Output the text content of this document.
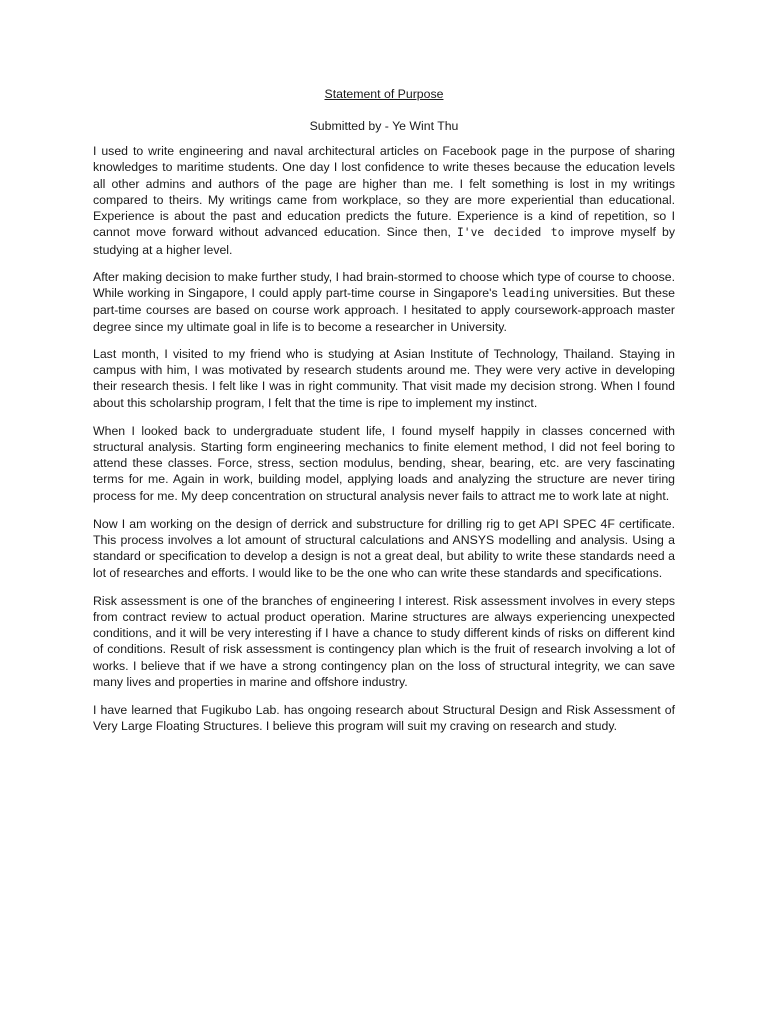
Statement of Purpose

Submitted by - Ye Wint Thu

I used to write engineering and naval architectural articles on Facebook page in the purpose of sharing knowledges to maritime students. One day I lost confidence to write theses because the education levels all other admins and authors of the page are higher than me. I felt something is lost in my writings compared to theirs. My writings came from workplace, so they are more experiential than educational. Experience is about the past and education predicts the future. Experience is a kind of repetition, so I cannot move forward without advanced education. Since then, I've decided to improve myself by studying at a higher level.

After making decision to make further study, I had brain-stormed to choose which type of course to choose. While working in Singapore, I could apply part-time course in Singapore's leading universities. But these part-time courses are based on course work approach. I hesitated to apply coursework-approach master degree since my ultimate goal in life is to become a researcher in University.

Last month, I visited to my friend who is studying at Asian Institute of Technology, Thailand. Staying in campus with him, I was motivated by research students around me. They were very active in developing their research thesis. I felt like I was in right community. That visit made my decision strong. When I found about this scholarship program, I felt that the time is ripe to implement my instinct.

When I looked back to undergraduate student life, I found myself happily in classes concerned with structural analysis. Starting form engineering mechanics to finite element method, I did not feel boring to attend these classes. Force, stress, section modulus, bending, shear, bearing, etc. are very fascinating terms for me. Again in work, building model, applying loads and analyzing the structure are never tiring process for me. My deep concentration on structural analysis never fails to attract me to work late at night.

Now I am working on the design of derrick and substructure for drilling rig to get API SPEC 4F certificate. This process involves a lot amount of structural calculations and ANSYS modelling and analysis. Using a standard or specification to develop a design is not a great deal, but ability to write these standards need a lot of researches and efforts. I would like to be the one who can write these standards and specifications.

Risk assessment is one of the branches of engineering I interest. Risk assessment involves in every steps from contract review to actual product operation. Marine structures are always experiencing unexpected conditions, and it will be very interesting if I have a chance to study different kinds of risks on different kind of conditions. Result of risk assessment is contingency plan which is the fruit of research involving a lot of works. I believe that if we have a strong contingency plan on the loss of structural integrity, we can save many lives and properties in marine and offshore industry.

I have learned that Fugikubo Lab. has ongoing research about Structural Design and Risk Assessment of Very Large Floating Structures. I believe this program will suit my craving on research and study.
